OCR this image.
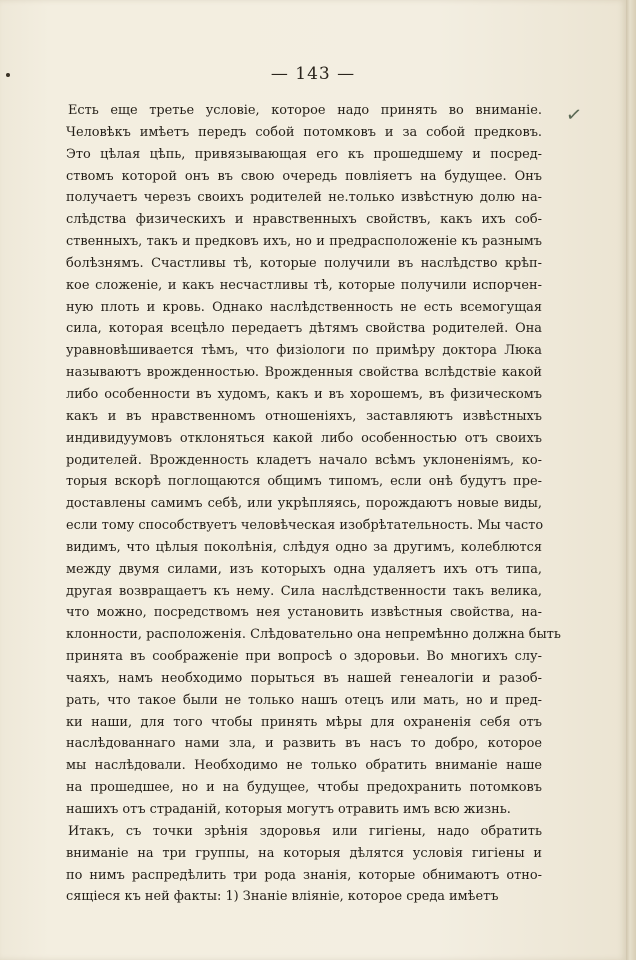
— 143 —
✓
Есть еще третье условіе, которое надо принять во вниманіе.
Человѣкъ имѣетъ передъ собой потомковъ и за собой предковъ.
Это цѣлая цѣпь, привязывающая его къ прошедшему и посред-
ствомъ которой онъ въ свою очередь повліяетъ на будущее. Онъ
получаетъ черезъ своихъ родителей не.только извѣстную долю на-
слѣдства физическихъ и нравственныхъ свойствъ, какъ ихъ соб-
ственныхъ, такъ и предковъ ихъ, но и предрасположеніе къ разнымъ
болѣзнямъ. Счастливы тѣ, которые получили въ наслѣдство крѣп-
кое сложеніе, и какъ несчастливы тѣ, которые получили испорчен-
ную плоть и кровь. Однако наслѣдственность не есть всемогущая
сила, которая всецѣло передаетъ дѣтямъ свойства родителей. Она
уравновѣшивается тѣмъ, что физіологи по примѣру доктора Люка
называютъ врожденностью. Врожденныя свойства вслѣдствіе какой
либо особенности въ худомъ, какъ и въ хорошемъ, въ физическомъ
какъ и въ нравственномъ отношеніяхъ, заставляютъ извѣстныхъ
индивидуумовъ отклоняться какой либо особенностью отъ своихъ
родителей. Врожденность кладетъ начало всѣмъ уклоненіямъ, ко-
торыя вскорѣ поглощаются общимъ типомъ, если онѣ будутъ пре-
доставлены самимъ себѣ, или укрѣпляясь, порождаютъ новые виды,
если тому способствуетъ человѣческая изобрѣтательность. Мы часто
видимъ, что цѣлыя поколѣнія, слѣдуя одно за другимъ, колеблются
между двумя силами, изъ которыхъ одна удаляетъ ихъ отъ типа,
другая возвращаетъ къ нему. Сила наслѣдственности такъ велика,
что можно, посредствомъ нея установить извѣстныя свойства, на-
клонности, расположенія. Слѣдовательно она непремѣнно должна быть
принята въ соображеніе при вопросѣ о здоровьи. Во многихъ слу-
чаяхъ, намъ необходимо порыться въ нашей генеалогіи и разоб-
рать, что такое были не только нашъ отецъ или мать, но и пред-
ки наши, для того чтобы принять мѣры для охраненія себя отъ
наслѣдованнаго нами зла, и развить въ насъ то добро, которое
мы наслѣдовали. Необходимо не только обратить вниманіе наше
на прошедшее, но и на будущее, чтобы предохранить потомковъ
нашихъ отъ страданій, которыя могутъ отравить имъ всю жизнь.
Итакъ, съ точки зрѣнія здоровья или гигіены, надо обратить
вниманіе на три группы, на которыя дѣлятся условія гигіены и
по нимъ распредѣлить три рода знанія, которые обнимаютъ отно-
сящіеся къ ней факты: 1) Знаніе вліяніе, которое среда имѣетъ
